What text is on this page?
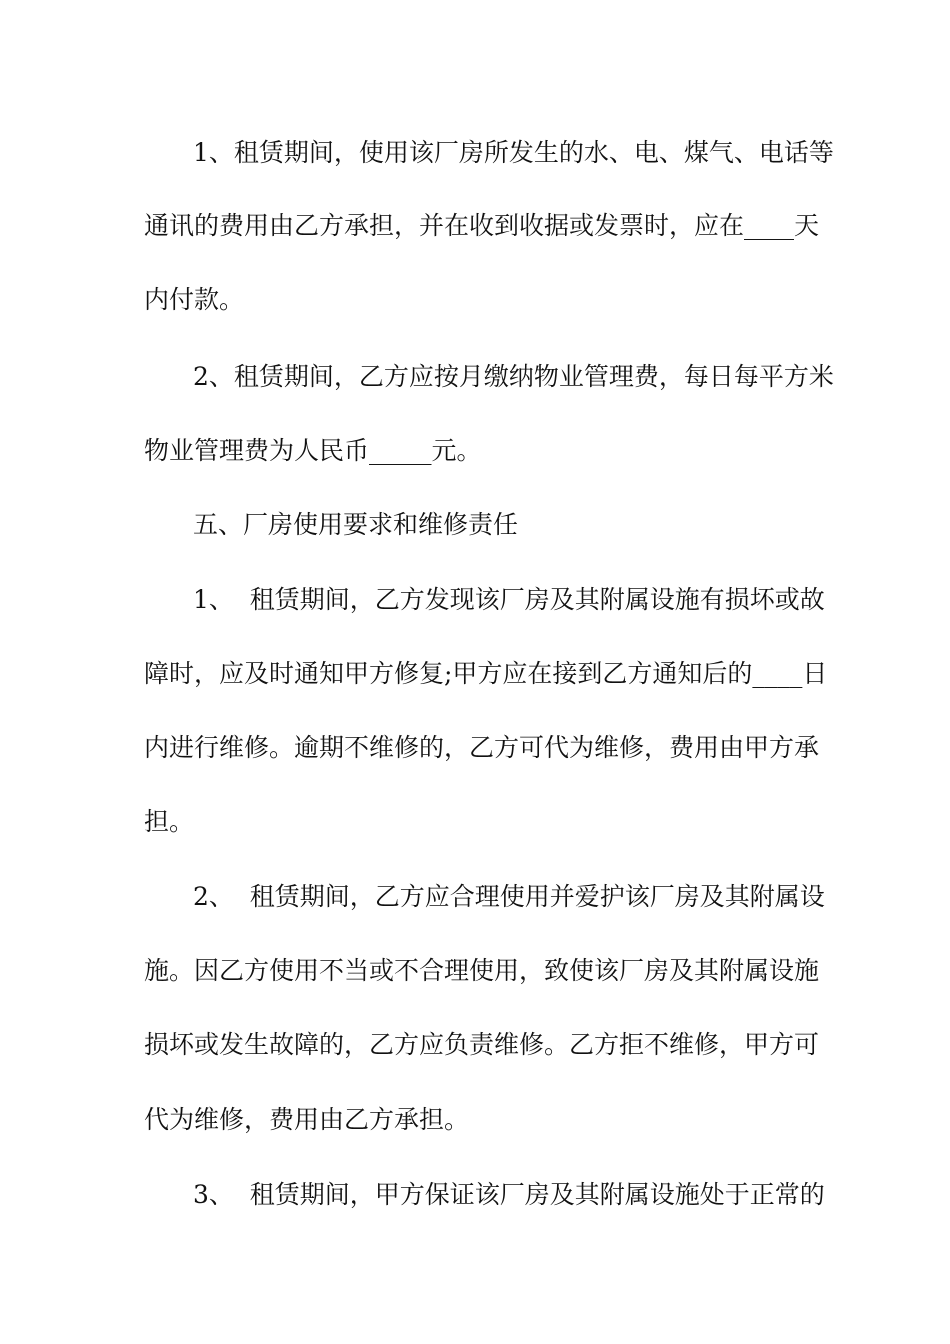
1、租赁期间，使用该厂房所发生的水、电、煤气、电话等
通讯的费用由乙方承担，并在收到收据或发票时，应在____天
内付款。
2、租赁期间，乙方应按月缴纳物业管理费，每日每平方米
物业管理费为人民币_____元。
五、厂房使用要求和维修责任
1、  租赁期间，乙方发现该厂房及其附属设施有损坏或故
障时，应及时通知甲方修复;甲方应在接到乙方通知后的____日
内进行维修。逾期不维修的，乙方可代为维修，费用由甲方承
担。
2、  租赁期间，乙方应合理使用并爱护该厂房及其附属设
施。因乙方使用不当或不合理使用，致使该厂房及其附属设施
损坏或发生故障的，乙方应负责维修。乙方拒不维修，甲方可
代为维修，费用由乙方承担。
3、  租赁期间，甲方保证该厂房及其附属设施处于正常的
